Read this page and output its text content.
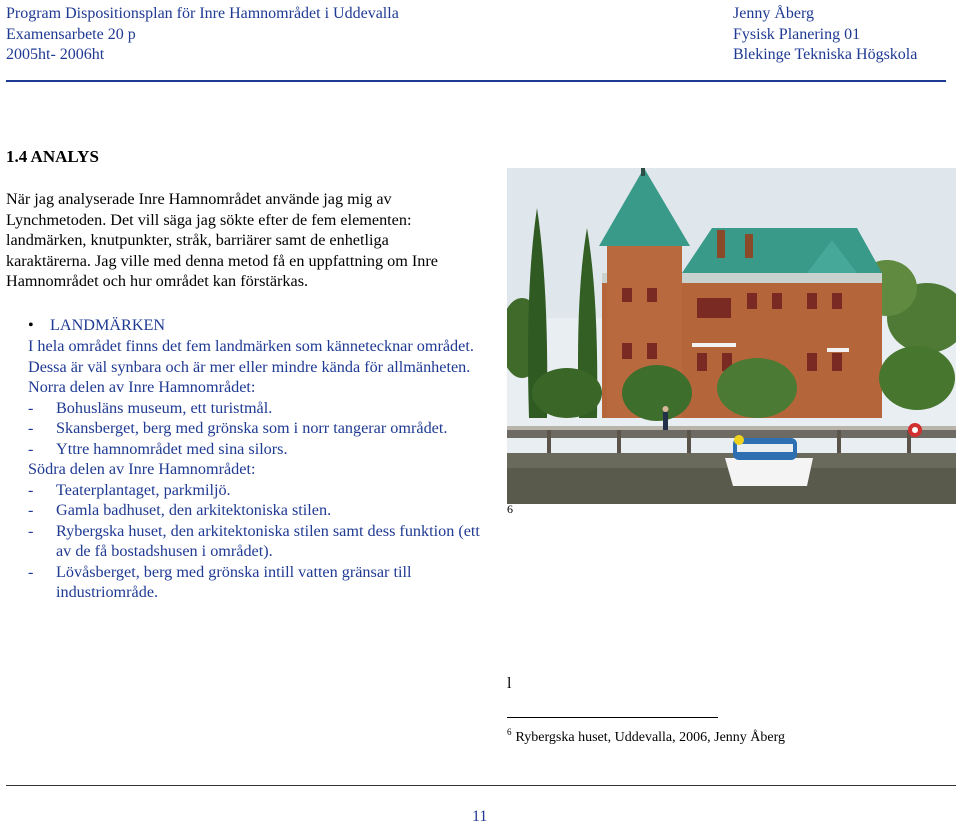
Program Dispositionsplan för Inre Hamnområdet i Uddevalla
Examensarbete 20 p
2005ht- 2006ht
Jenny Åberg
Fysisk Planering 01
Blekinge Tekniska Högskola
1.4 ANALYS
När jag analyserade Inre Hamnområdet använde jag mig av Lynchmetoden. Det vill säga jag sökte efter de fem elementen: landmärken, knutpunkter, stråk, barriärer samt de enhetliga karaktärerna. Jag ville med denna metod få en uppfattning om Inre Hamnområdet och hur området kan förstärkas.
• LANDMÄRKEN

I hela området finns det fem landmärken som kännetecknar området. Dessa är väl synbara och är mer eller mindre kända för allmänheten.

Norra delen av Inre Hamnområdet:

- Bohusläns museum, ett turistmål.
- Skansberget, berg med grönska som i norr tangerar området.
- Yttre hamnområdet med sina silors.

Södra delen av Inre Hamnområdet:

- Teaterplantaget, parkmiljö.
- Gamla badhuset, den arkitektoniska stilen.
- Rybergska huset, den arkitektoniska stilen samt dess funktion (ett av de få bostadshusen i området).
- Lövåsberget, berg med grönska intill vatten gränsar till industriområde.
6
l
$^6$ Rybergska huset, Uddevalla, 2006, Jenny Åberg
11
